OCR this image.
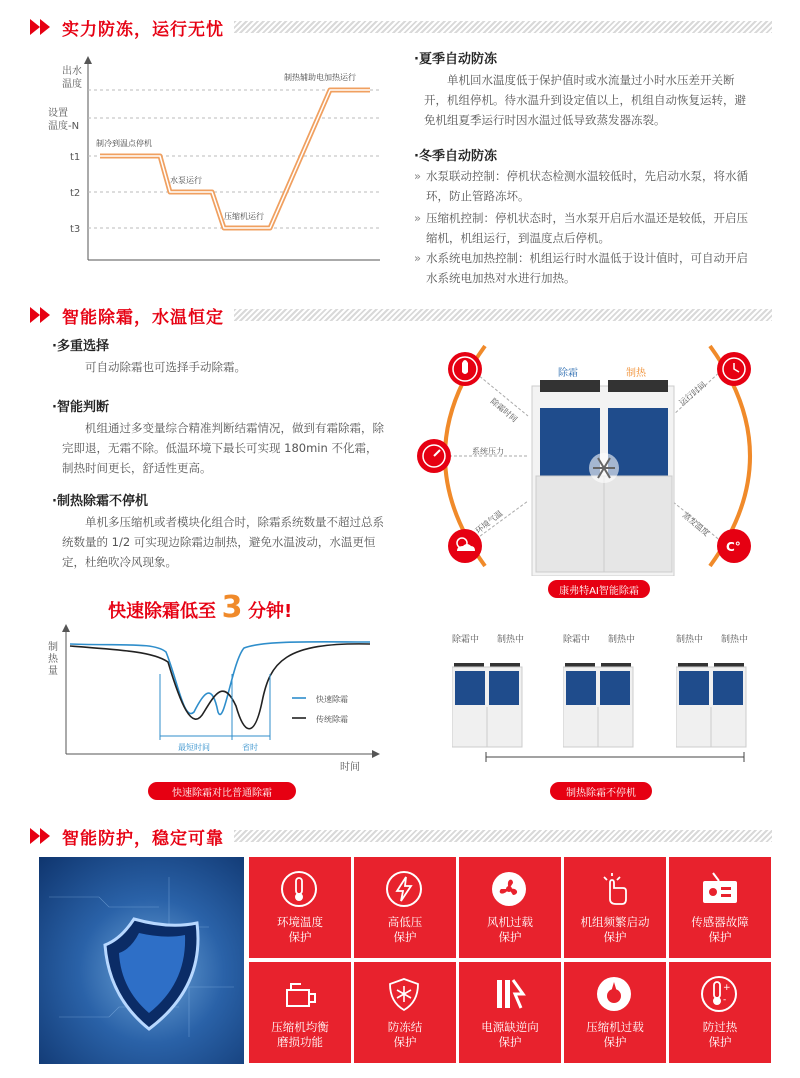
实力防冻，运行无忧
出水
温度
设置
温度-N
t1
t2
t3
制冷到温点停机
水泵运行
压缩机运行
制热辅助电加热运行
·夏季自动防冻
单机回水温度低于保护值时或水流量过小时水压差开关断开，机组停机。待水温升到设定值以上，机组自动恢复运转，避免机组夏季运行时因水温过低导致蒸发器冻裂。
·冬季自动防冻
» 水泵联动控制：停机状态检测水温较低时，先启动水泵，将水循环，防止管路冻坏。
» 压缩机控制：停机状态时，当水泵开启后水温还是较低，开启压缩机，机组运行，到温度点后停机。
» 水系统电加热控制：机组运行时水温低于设计值时，可自动开启水系统电加热对水进行加热。
智能除霜，水温恒定
·多重选择
可自动除霜也可选择手动除霜。
·智能判断
机组通过多变量综合精准判断结霜情况，做到有霜除霜，除完即退，无霜不除。低温环境下最长可实现 180min 不化霜，制热时间更长，舒适性更高。
·制热除霜不停机
单机多压缩机或者模块化组合时，除霜系统数量不超过总系统数量的 1/2 可实现边除霜边制热，避免水温波动，水温更恒定，杜绝吹冷风现象。
除霜时间
系统压力
环境气温
运行时间
蒸发温度
除霜	制热
C°
康弗特AI智能除霜
快速除霜低至 3 分钟!
制
热
量
时间
最短时间	省时
快速除霜
传统除霜
快速除霜对比普通除霜
除霜中 制热中	除霜中 制热中	制热中 制热中
制热除霜不停机
智能防护，稳定可靠
环境温度
保护
高低压
保护
风机过载
保护
机组频繁启动
保护
传感器故障
保护
压缩机均衡
磨损功能
防冻结
保护
电源缺逆向
保护
压缩机过载
保护
+
-
防过热
保护
